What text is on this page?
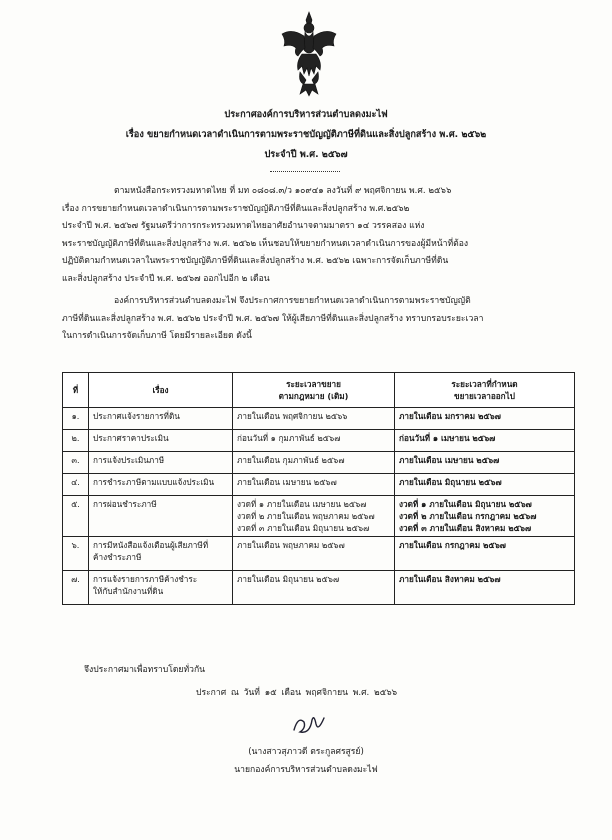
ประกาศองค์การบริหารส่วนตำบลดงมะไฟ
เรื่อง ขยายกำหนดเวลาดำเนินการตามพระราชบัญญัติภาษีที่ดินและสิ่งปลูกสร้าง พ.ศ. ๒๕๖๒
ประจำปี พ.ศ. ๒๕๖๗

ตามหนังสือกระทรวงมหาดไทย ที่ มท ๐๘๐๘.๓/ว ๑๐๙๔๑ ลงวันที่ ๙ พฤศจิกายน พ.ศ. ๒๕๖๖
เรื่อง การขยายกำหนดเวลาดำเนินการตามพระราชบัญญัติภาษีที่ดินและสิ่งปลูกสร้าง พ.ศ.๒๕๖๒
ประจำปี พ.ศ. ๒๕๖๗ รัฐมนตรีว่าการกระทรวงมหาดไทยอาศัยอำนาจตามมาตรา ๑๔ วรรคสอง แห่ง
พระราชบัญญัติภาษีที่ดินและสิ่งปลูกสร้าง พ.ศ. ๒๕๖๒ เห็นชอบให้ขยายกำหนดเวลาดำเนินการของผู้มีหน้าที่ต้อง
ปฏิบัติตามกำหนดเวลาในพระราชบัญญัติภาษีที่ดินและสิ่งปลูกสร้าง พ.ศ. ๒๕๖๒ เฉพาะการจัดเก็บภาษีที่ดิน
และสิ่งปลูกสร้าง ประจำปี พ.ศ. ๒๕๖๗ ออกไปอีก ๒ เดือน

องค์การบริหารส่วนตำบลดงมะไฟ จึงประกาศการขยายกำหนดเวลาดำเนินการตามพระราชบัญญัติ
ภาษีที่ดินและสิ่งปลูกสร้าง พ.ศ. ๒๕๖๒ ประจำปี พ.ศ. ๒๕๖๗ ให้ผู้เสียภาษีที่ดินและสิ่งปลูกสร้าง ทราบกรอบระยะเวลา
ในการดำเนินการจัดเก็บภาษี โดยมีรายละเอียด ดังนี้

ที่	เรื่อง	ระยะเวลาขยาย
ตามกฎหมาย (เดิม)	ระยะเวลาที่กำหนด
ขยายเวลาออกไป

๑.	ประกาศแจ้งรายการที่ดิน	ภายในเดือน พฤศจิกายน ๒๕๖๖	ภายในเดือน มกราคม ๒๕๖๗

๒.	ประกาศราคาประเมิน	ก่อนวันที่ ๑ กุมภาพันธ์ ๒๕๖๗	ก่อนวันที่ ๑ เมษายน ๒๕๖๗

๓.	การแจ้งประเมินภาษี	ภายในเดือน กุมภาพันธ์ ๒๕๖๗	ภายในเดือน เมษายน ๒๕๖๗

๔.	การชำระภาษีตามแบบแจ้งประเมิน	ภายในเดือน เมษายน ๒๕๖๗	ภายในเดือน มิถุนายน ๒๕๖๗

๕.	การผ่อนชำระภาษี	งวดที่ ๑ ภายในเดือน เมษายน ๒๕๖๗
งวดที่ ๒ ภายในเดือน พฤษภาคม ๒๕๖๗
งวดที่ ๓ ภายในเดือน มิถุนายน ๒๕๖๗	งวดที่ ๑ ภายในเดือน มิถุนายน ๒๕๖๗
งวดที่ ๒ ภายในเดือน กรกฎาคม ๒๕๖๗
งวดที่ ๓ ภายในเดือน สิงหาคม ๒๕๖๗

๖.	การมีหนังสือแจ้งเตือนผู้เสียภาษีที่
ค้างชำระภาษี	ภายในเดือน พฤษภาคม ๒๕๖๗	ภายในเดือน กรกฎาคม ๒๕๖๗

๗.	การแจ้งรายการภาษีค้างชำระ
ให้กับสำนักงานที่ดิน	ภายในเดือน มิถุนายน ๒๕๖๗	ภายในเดือน สิงหาคม ๒๕๖๗
จึงประกาศมาเพื่อทราบโดยทั่วกัน
ประกาศ ณ วันที่ ๑๕ เดือน พฤศจิกายน พ.ศ. ๒๕๖๖
(นางสาวสุภาวดี ตระกูลศรสูรย์)
นายกองค์การบริหารส่วนตำบลดงมะไฟ
